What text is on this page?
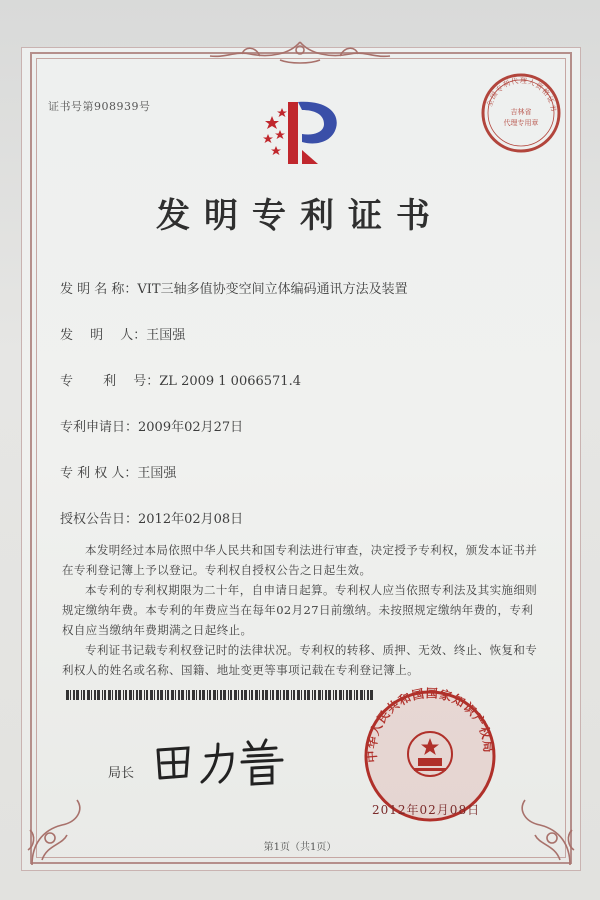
证书号第908939号	全国专利代理人资格证书
吉林省
代理专用章
发明专利证书
发 明 名 称：VIT三轴多值协变空间立体编码通讯方法及装置
发　 明　 人：王国强
专　　 利　 号：ZL 2009 1 0066571.4
专利申请日：2009年02月27日
专 利 权 人：王国强
授权公告日：2012年02月08日

本发明经过本局依照中华人民共和国专利法进行审查，决定授予专利权，颁发本证书并在专利登记簿上予以登记。专利权自授权公告之日起生效。

本专利的专利权期限为二十年，自申请日起算。专利权人应当依照专利法及其实施细则规定缴纳年费。本专利的年费应当在每年02月27日前缴纳。未按照规定缴纳年费的，专利权自应当缴纳年费期满之日起终止。

专利证书记载专利权登记时的法律状况。专利权的转移、质押、无效、终止、恢复和专利权人的姓名或名称、国籍、地址变更等事项记载在专利登记簿上。

局长
中华人民共和国国家知识产权局
2012年02月08日
第1页（共1页）
